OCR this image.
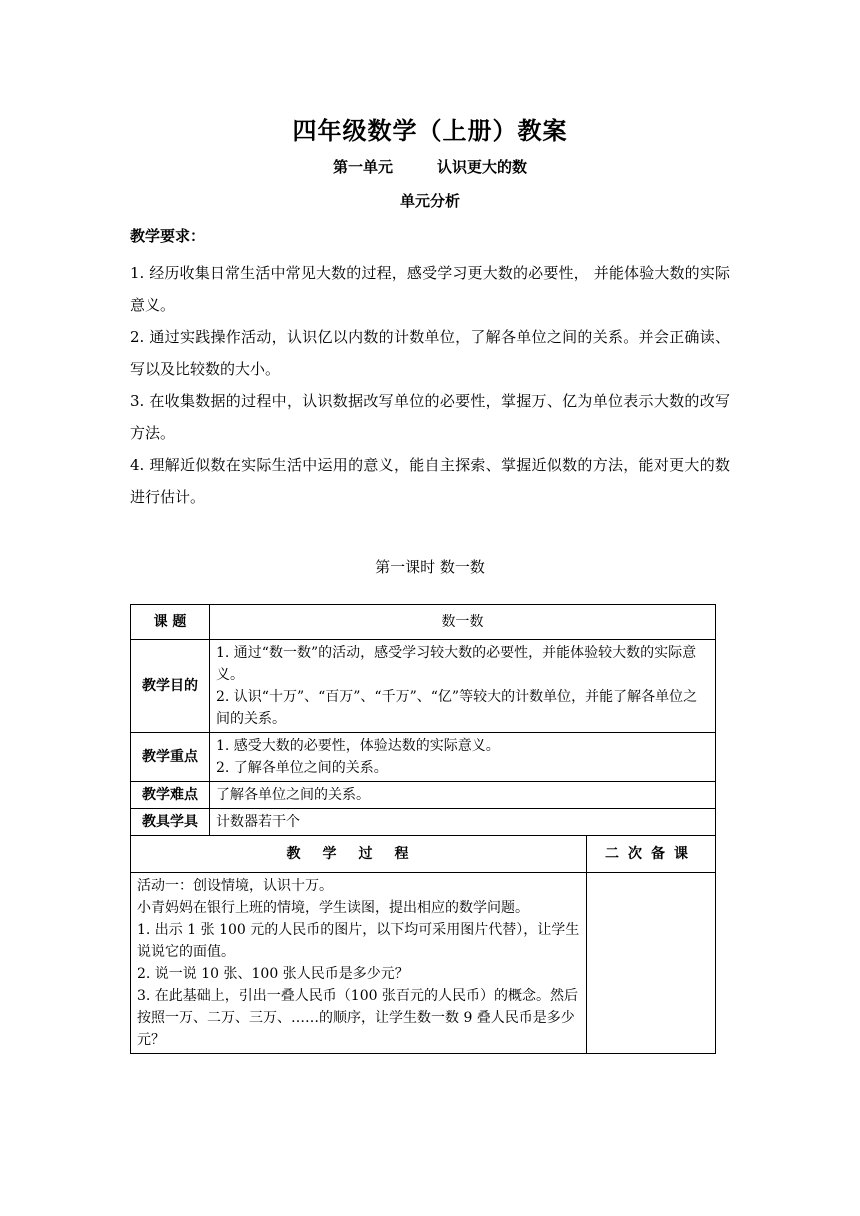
四年级数学（上册）教案
第一单元	认识更大的数
单元分析
教学要求：

1. 经历收集日常生活中常见大数的过程，感受学习更大数的必要性， 并能体验大数的实际意义。

2. 通过实践操作活动，认识亿以内数的计数单位，了解各单位之间的关系。并会正确读、写以及比较数的大小。

3. 在收集数据的过程中，认识数据改写单位的必要性，掌握万、亿为单位表示大数的改写方法。

4. 理解近似数在实际生活中运用的意义，能自主探索、掌握近似数的方法，能对更大的数进行估计。

第一课时 数一数
课 题	数一数	
教学目的	1. 通过“数一数”的活动，感受学习较大数的必要性，并能体验较大数的实际意义。
2. 认识“十万”、“百万”、“千万”、“亿”等较大的计数单位，并能了解各单位之间的关系。	

教学重点	1. 感受大数的必要性，体验达数的实际意义。
2. 了解各单位之间的关系。	

教学难点	了解各单位之间的关系。	
教具学具	计数器若干个	
教学过程		二次备课

活动一：创设情境，认识十万。
小青妈妈在银行上班的情境，学生读图，提出相应的数学问题。
1. 出示 1 张 100 元的人民币的图片，以下均可采用图片代替），让学生说说它的面值。
2. 说一说 10 张、100 张人民币是多少元？
3. 在此基础上，引出一叠人民币（100 张百元的人民币）的概念。然后按照一万、二万、三万、……的顺序，让学生数一数 9 叠人民币是多少元？		
